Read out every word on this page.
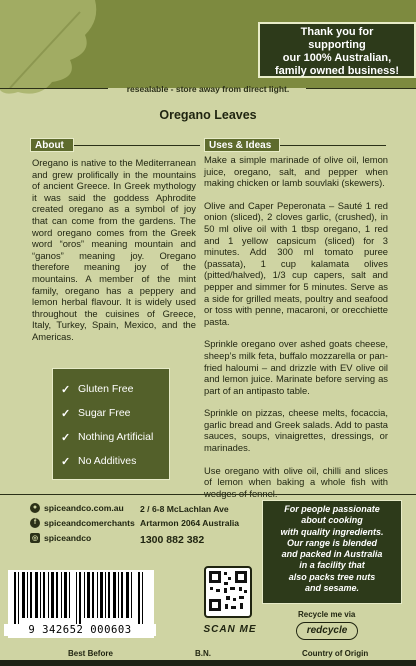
Thank you for
supporting
our 100% Australian,
family owned business!
resealable - store away from direct light.
Oregano Leaves
About
Oregano is native to the Mediterranean and grew prolifically in the mountains of ancient Greece. In Greek mythology it was said the goddess Aphrodite created oregano as a symbol of joy that can come from the gardens. The word oregano comes from the Greek word “oros” meaning mountain and “ganos” meaning joy. Oregano therefore meaning joy of the mountains. A member of the mint family, oregano has a peppery and lemon herbal flavour. It is widely used throughout the cuisines of Greece, Italy, Turkey, Spain, Mexico, and the Americas.
Uses & Ideas

Make a simple marinade of olive oil, lemon juice, oregano, salt, and pepper when making chicken or lamb souvlaki (skewers).

Olive and Caper Peperonata – Sauté 1 red onion (sliced), 2 cloves garlic, (crushed), in 50 ml olive oil with 1 tbsp oregano, 1 red and 1 yellow capsicum (sliced) for 3 minutes. Add 300 ml tomato puree (passata), 1 cup kalamata olives (pitted/halved), 1/3 cup capers, salt and pepper and simmer for 5 minutes. Serve as a side for grilled meats, poultry and seafood or toss with penne, macaroni, or orecchiette pasta.

Sprinkle oregano over ashed goats cheese, sheep’s milk feta, buffalo mozzarella or pan-fried haloumi – and drizzle with EV olive oil and lemon juice. Marinate before serving as part of an antipasto table.

Sprinkle on pizzas, cheese melts, focaccia, garlic bread and Greek salads. Add to pasta sauces, soups, vinaigrettes, dressings, or marinades.

Use oregano with olive oil, chilli and slices of lemon when baking a whole fish with

✓ Gluten Free
✓ Sugar Free
✓ Nothing Artificial
✓ No Additives
● spiceandco.com.au
f spiceandcomerchants
◎ spiceandco
2 / 6-8 McLachlan Ave
Artarmon 2064 Australia
1300 882 382
For people passionate
about cooking
with quality ingredients.
Our range is blended
and packed in Australia
in a facility that
also packs tree nuts
and sesame.
9 342652 000603	SCAN ME
Recycle me via
redcycle
Best Before	B.N.	Country of Origin
